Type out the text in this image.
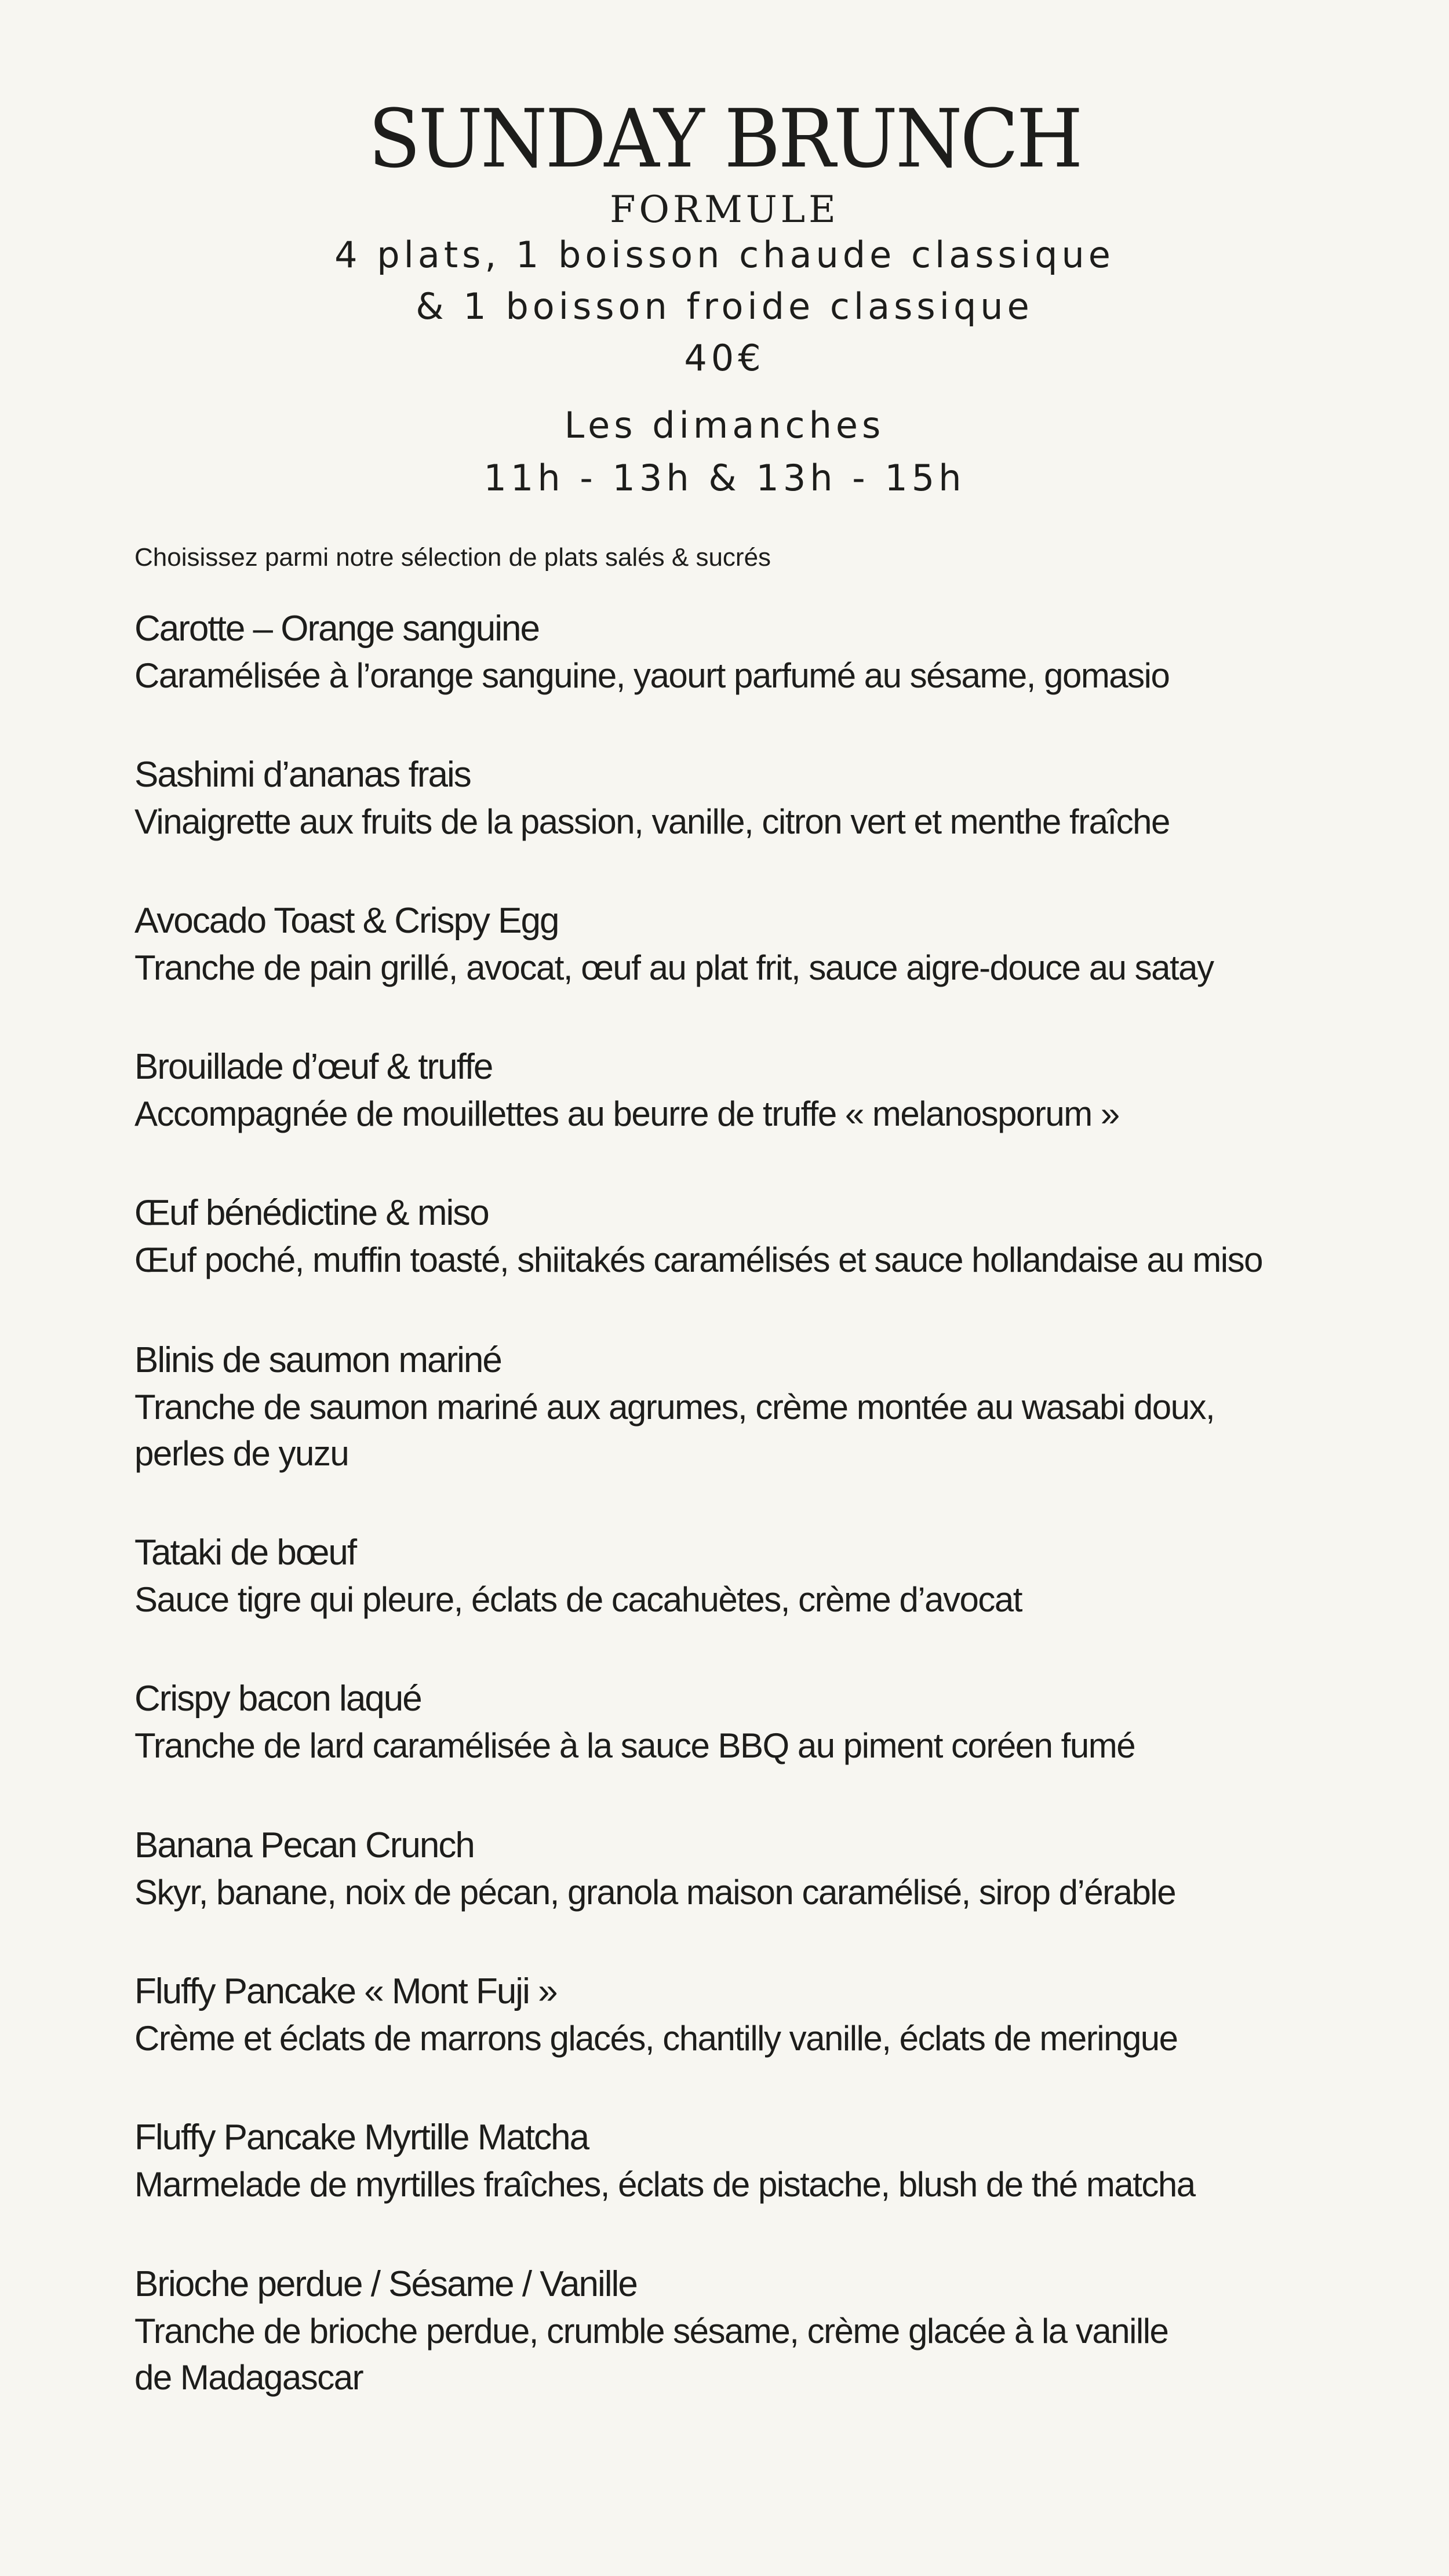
SUNDAY BRUNCH
FORMULE
4 plats, 1 boisson chaude classique
& 1 boisson froide classique
40€
Les dimanches
11h - 13h & 13h - 15h
Choisissez parmi notre sélection de plats salés & sucrés
Carotte – Orange sanguine
Caramélisée à l’orange sanguine, yaourt parfumé au sésame, gomasio
Sashimi d’ananas frais
Vinaigrette aux fruits de la passion, vanille, citron vert et menthe fraîche
Avocado Toast & Crispy Egg
Tranche de pain grillé, avocat, œuf au plat frit, sauce aigre-douce au satay
Brouillade d’œuf & truffe
Accompagnée de mouillettes au beurre de truffe « melanosporum »
Œuf bénédictine & miso
Œuf poché, muffin toasté, shiitakés caramélisés et sauce hollandaise au miso
Blinis de saumon mariné
Tranche de saumon mariné aux agrumes, crème montée au wasabi doux,
perles de yuzu
Tataki de bœuf
Sauce tigre qui pleure, éclats de cacahuètes, crème d’avocat
Crispy bacon laqué
Tranche de lard caramélisée à la sauce BBQ au piment coréen fumé
Banana Pecan Crunch
Skyr, banane, noix de pécan, granola maison caramélisé, sirop d’érable
Fluffy Pancake « Mont Fuji »
Crème et éclats de marrons glacés, chantilly vanille, éclats de meringue
Fluffy Pancake Myrtille Matcha
Marmelade de myrtilles fraîches, éclats de pistache, blush de thé matcha
Brioche perdue / Sésame / Vanille
Tranche de brioche perdue, crumble sésame, crème glacée à la vanille
de Madagascar
